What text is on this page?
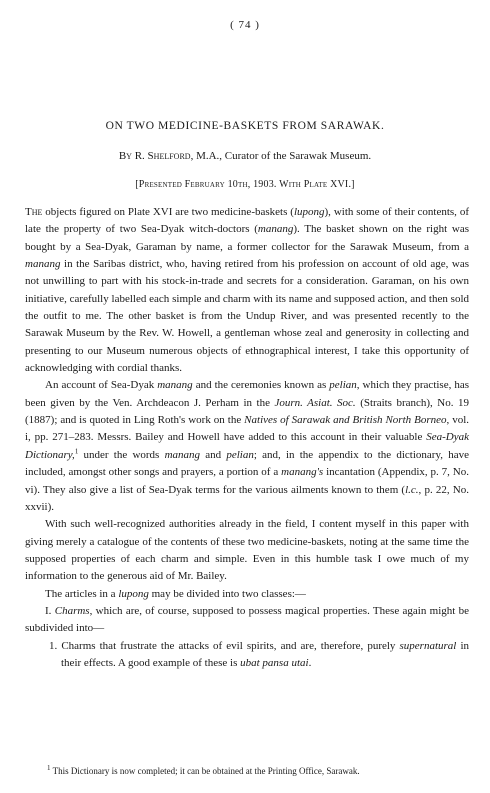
( 74 )
ON TWO MEDICINE-BASKETS FROM SARAWAK.
By R. Shelford, M.A., Curator of the Sarawak Museum.
[Presented February 10th, 1903. With Plate XVI.]

The objects figured on Plate XVI are two medicine-baskets (lupong), with some of their contents, of late the property of two Sea-Dyak witch-doctors (manang). The basket shown on the right was bought by a Sea-Dyak, Garaman by name, a former collector for the Sarawak Museum, from a manang in the Saribas district, who, having retired from his profession on account of old age, was not unwilling to part with his stock-in-trade and secrets for a consideration. Garaman, on his own initiative, carefully labelled each simple and charm with its name and supposed action, and then sold the outfit to me. The other basket is from the Undup River, and was presented recently to the Sarawak Museum by the Rev. W. Howell, a gentleman whose zeal and generosity in collecting and presenting to our Museum numerous objects of ethnographical interest, I take this opportunity of acknowledging with cordial thanks.

An account of Sea-Dyak manang and the ceremonies known as pelian, which they practise, has been given by the Ven. Archdeacon J. Perham in the Journ. Asiat. Soc. (Straits branch), No. 19 (1887); and is quoted in Ling Roth's work on the Natives of Sarawak and British North Borneo, vol. i, pp. 271–283. Messrs. Bailey and Howell have added to this account in their valuable Sea-Dyak Dictionary,$^1$ under the words manang and pelian; and, in the appendix to the dictionary, have included, amongst other songs and prayers, a portion of a manang's incantation (Appendix, p. 7, No. vi). They also give a list of Sea-Dyak terms for the various ailments known to them (l.c., p. 22, No. xxvii).

With such well-recognized authorities already in the field, I content myself in this paper with giving merely a catalogue of the contents of these two medicine-baskets, noting at the same time the supposed properties of each charm and simple. Even in this humble task I owe much of my information to the generous aid of Mr. Bailey.

The articles in a lupong may be divided into two classes:—

I. Charms, which are, of course, supposed to possess magical properties. These again might be subdivided into—

1. Charms that frustrate the attacks of evil spirits, and are, therefore, purely supernatural in their effects. A good example of these is ubat pansa utai.

$^1$ This Dictionary is now completed; it can be obtained at the Printing Office, Sarawak.
